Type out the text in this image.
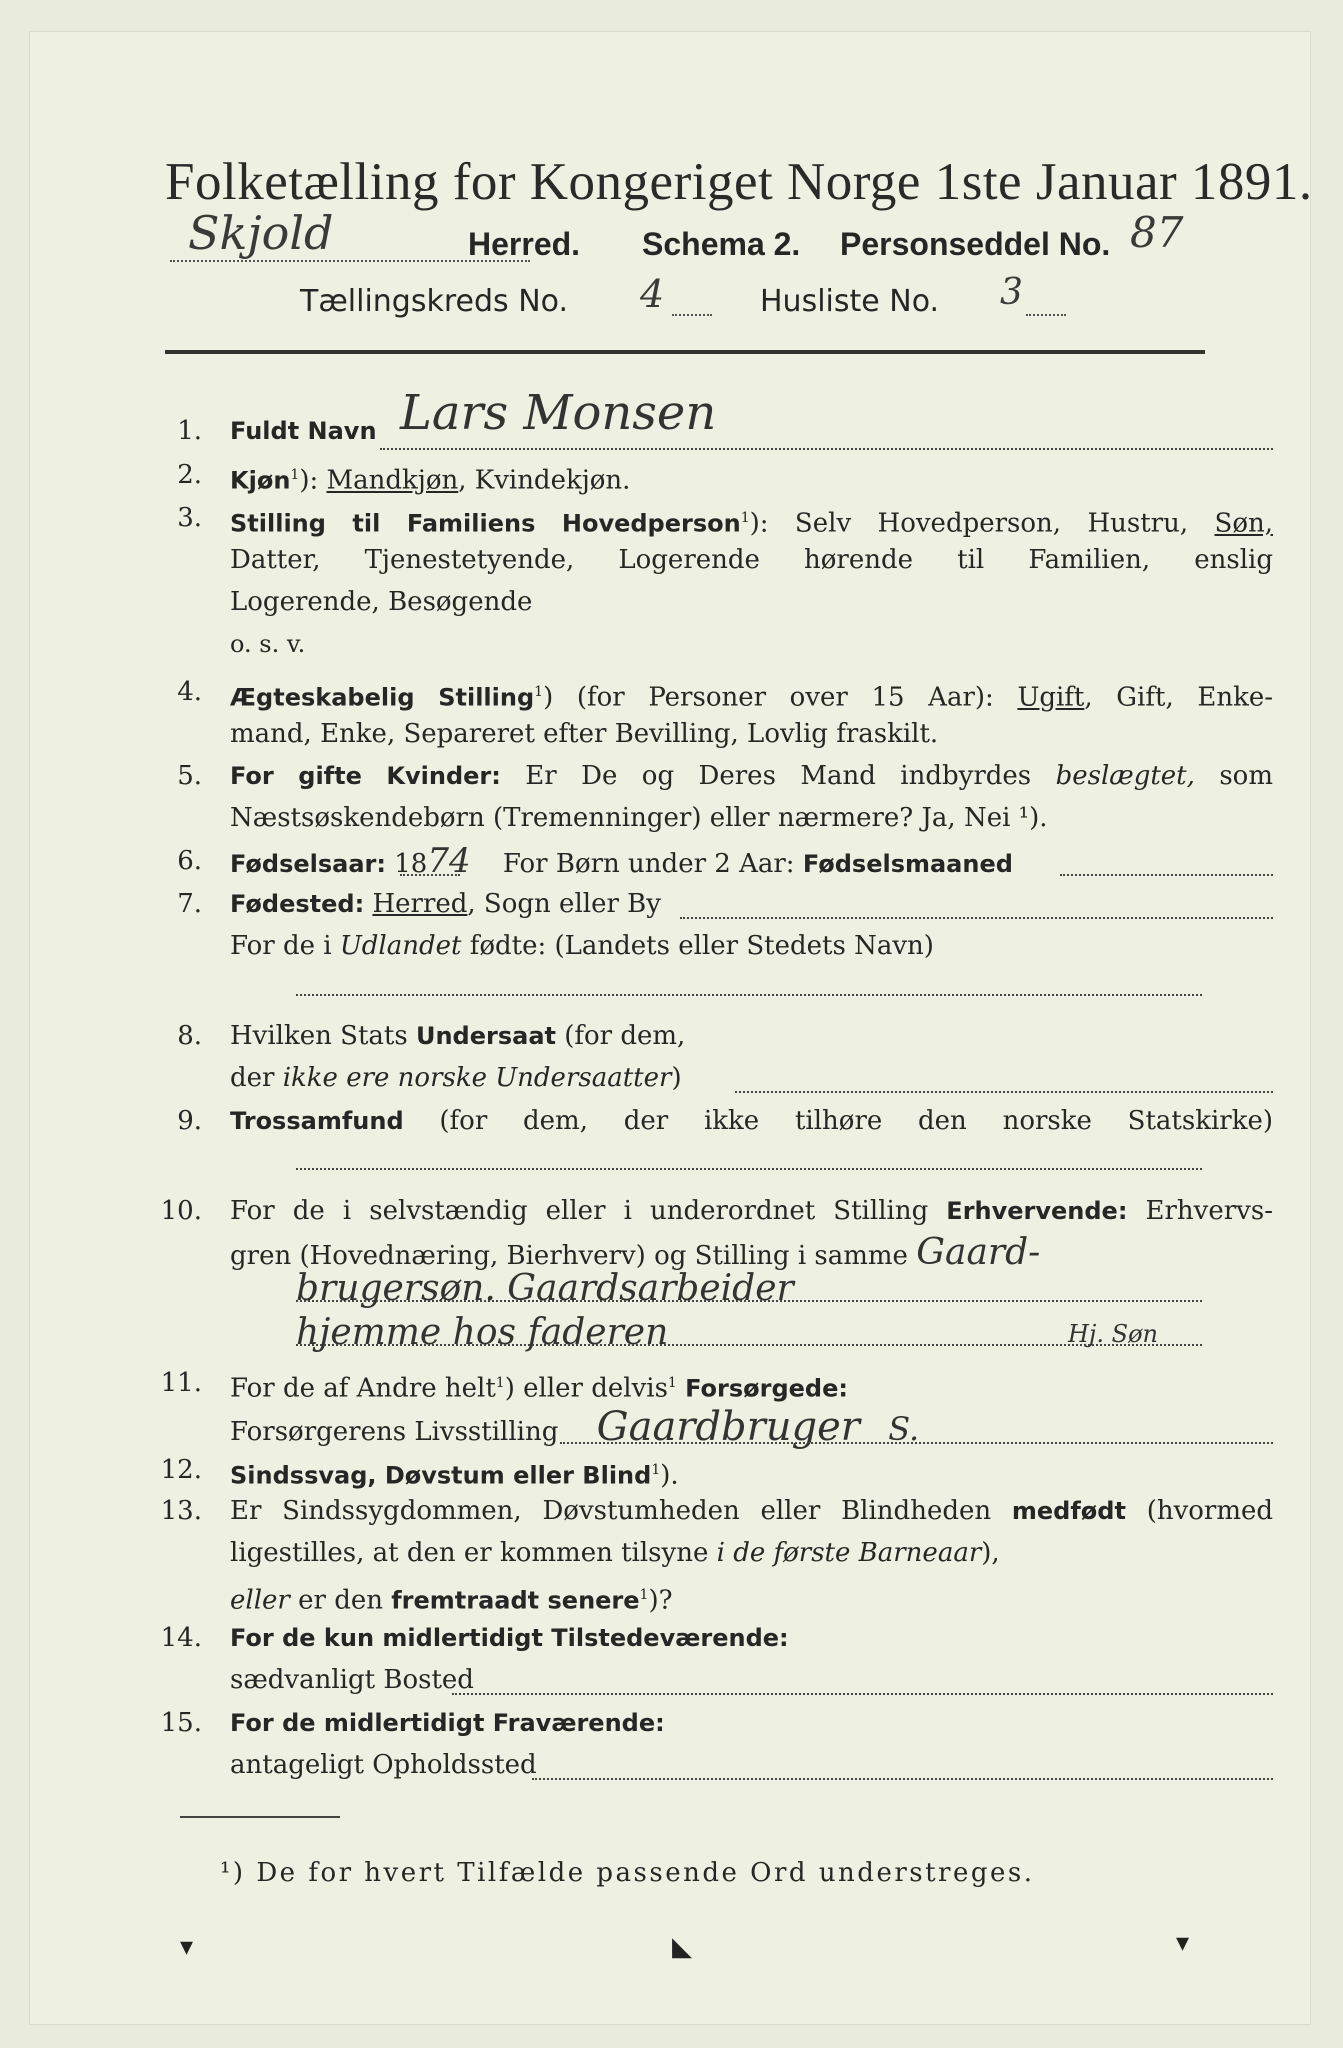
Folketælling for Kongeriget Norge 1ste Januar 1891.
Skjold	Herred. Schema 2. Personseddel No. 87
Tællingskreds No. 4	Husliste No. 3
1. Fuldt Navn Lars Monsen
2. Kjøn$^1$): Mandkjøn, Kvindekjøn.
3. Stilling til Familiens Hovedperson$^1$): Selv Hovedperson, Hustru, Søn,
Datter, Tjenestetyende, Logerende hørende til Familien, enslig
Logerende, Besøgende
o. s. v.
4. Ægteskabelig Stilling$^1$) (for Personer over 15 Aar): Ugift, Gift, Enke-
mand, Enke, Separeret efter Bevilling, Lovlig fraskilt.
5. For gifte Kvinder: Er De og Deres Mand indbyrdes beslægtet, som
Næstsøskendebørn (Tremenninger) eller nærmere? Ja, Nei ¹).
6. Fødselsaar: 1874 For Børn under 2 Aar: Fødselsmaaned
7. Fødested: Herred, Sogn eller By
For de i Udlandet fødte: (Landets eller Stedets Navn)
8. Hvilken Stats Undersaat (for dem,
der ikke ere norske Undersaatter)
9. Trossamfund (for dem, der ikke tilhøre den norske Statskirke)
10. For de i selvstændig eller i underordnet Stilling Erhvervende: Erhvervs-
gren (Hovednæring, Bierhverv) og Stilling i samme Gaard-
brugersøn. Gaardsarbeider
hjemme hos faderen	Hj. Søn
11. For de af Andre helt$^1$) eller delvis$^1$ Forsørgede:
Forsørgerens Livsstilling Gaardbruger S.
12. Sindssvag, Døvstum eller Blind$^1$).
13. Er Sindssygdommen, Døvstumheden eller Blindheden medfødt (hvormed
ligestilles, at den er kommen tilsyne i de første Barneaar),
eller er den fremtraadt senere$^1$)?
14. For de kun midlertidigt Tilstedeværende:
sædvanligt Bosted
15. For de midlertidigt Fraværende:
antageligt Opholdssted
¹) De for hvert Tilfælde passende Ord understreges.
▾	◣	▾
